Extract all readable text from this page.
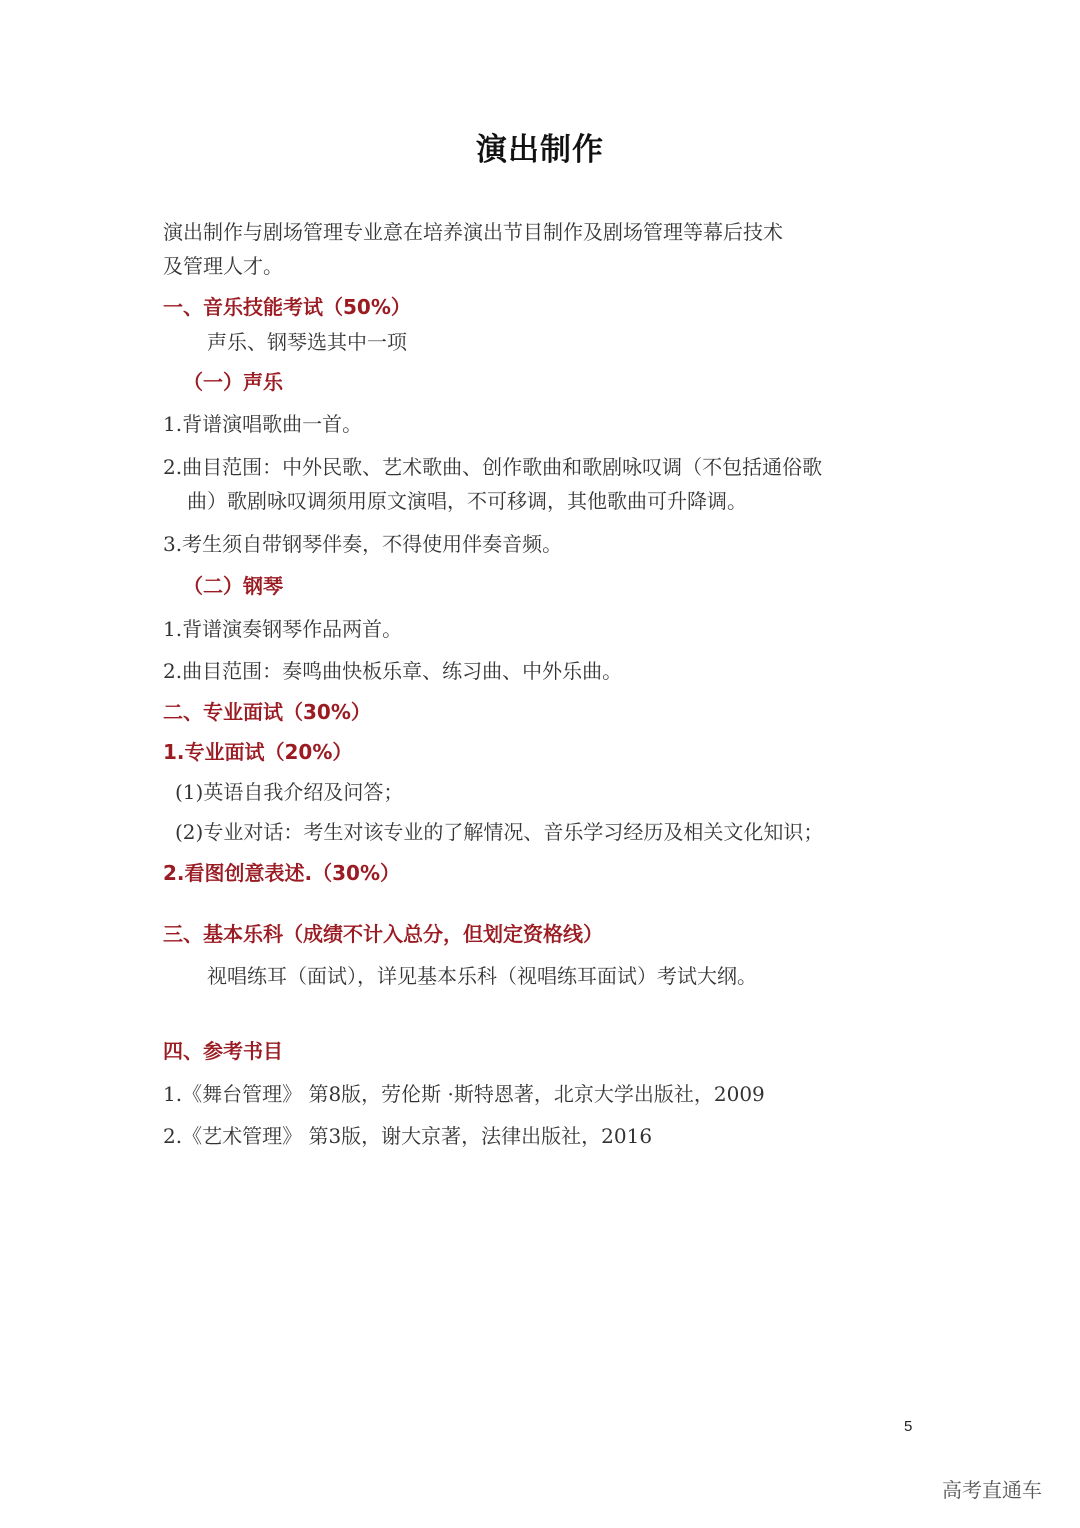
演出制作
演出制作与剧场管理专业意在培养演出节目制作及剧场管理等幕后技术
及管理人才。
一、音乐技能考试（50%）
声乐、钢琴选其中一项
（一）声乐
1.背谱演唱歌曲一首。
2.曲目范围：中外民歌、艺术歌曲、创作歌曲和歌剧咏叹调（不包括通俗歌
曲）歌剧咏叹调须用原文演唱，不可移调，其他歌曲可升降调。
3.考生须自带钢琴伴奏，不得使用伴奏音频。
（二）钢琴
1.背谱演奏钢琴作品两首。
2.曲目范围：奏鸣曲快板乐章、练习曲、中外乐曲。
二、专业面试（30%）
1.专业面试（20%）
(1)英语自我介绍及问答；
(2)专业对话：考生对该专业的了解情况、音乐学习经历及相关文化知识；
2.看图创意表述.（30%）
三、基本乐科（成绩不计入总分，但划定资格线）
视唱练耳（面试），详见基本乐科（视唱练耳面试）考试大纲。
四、参考书目
1.《舞台管理》 第8版，劳伦斯 ·斯特恩著，北京大学出版社，2009
2.《艺术管理》 第3版，谢大京著，法律出版社，2016
5
高考直通车
